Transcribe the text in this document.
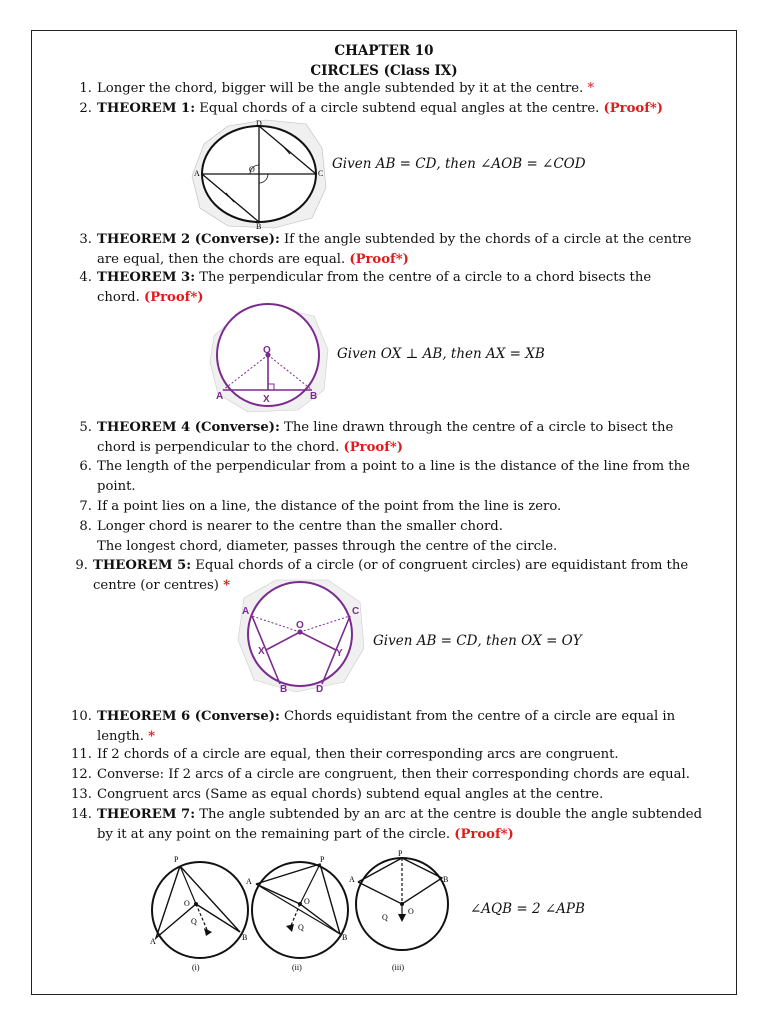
CHAPTER 10
CIRCLES (Class IX)
1. Longer the chord, bigger will be the angle subtended by it at the centre. *
2. THEOREM 1: Equal chords of a circle subtend equal angles at the centre. (Proof*)
3. THEOREM 2 (Converse): If the angle subtended by the chords of a circle at the centre
are equal, then the chords are equal. (Proof*)
4. THEOREM 3: The perpendicular from the centre of a circle to a chord bisects the
chord. (Proof*)
5. THEOREM 4 (Converse): The line drawn through the centre of a circle to bisect the
chord is perpendicular to the chord. (Proof*)
6. The length of the perpendicular from a point to a line is the distance of the line from the
point.
7. If a point lies on a line, the distance of the point from the line is zero.
8. Longer chord is nearer to the centre than the smaller chord.
The longest chord, diameter, passes through the centre of the circle.
9. THEOREM 5: Equal chords of a circle (or of congruent circles) are equidistant from the
centre (or centres) *
10. THEOREM 6 (Converse): Chords equidistant from the centre of a circle are equal in
length. *
11. If 2 chords of a circle are equal, then their corresponding arcs are congruent.
12. Converse: If 2 arcs of a circle are congruent, then their corresponding chords are equal.
13. Congruent arcs (Same as equal chords) subtend equal angles at the centre.
14. THEOREM 7: The angle subtended by an arc at the centre is double the angle subtended
by it at any point on the remaining part of the circle. (Proof*)
D
A	C
B
O	Given 𝐴𝐵 = 𝐶𝐷, then ∠𝐴𝑂𝐵 = ∠𝐶𝑂𝐷
O
A	X	B
Given 𝑂𝑋 ⊥ 𝐴𝐵, then 𝐴𝑋 = 𝑋𝐵
A	C
O
X	Y
B	D
Given 𝐴𝐵 = 𝐶𝐷, then 𝑂𝑋 = 𝑂𝑌
P
A	B
O
Q
(i)
P
A
B
O
Q
(ii)
P
A	B
O
Q
(iii)
∠𝐴𝑄𝐵 = 2 ∠𝐴𝑃𝐵
